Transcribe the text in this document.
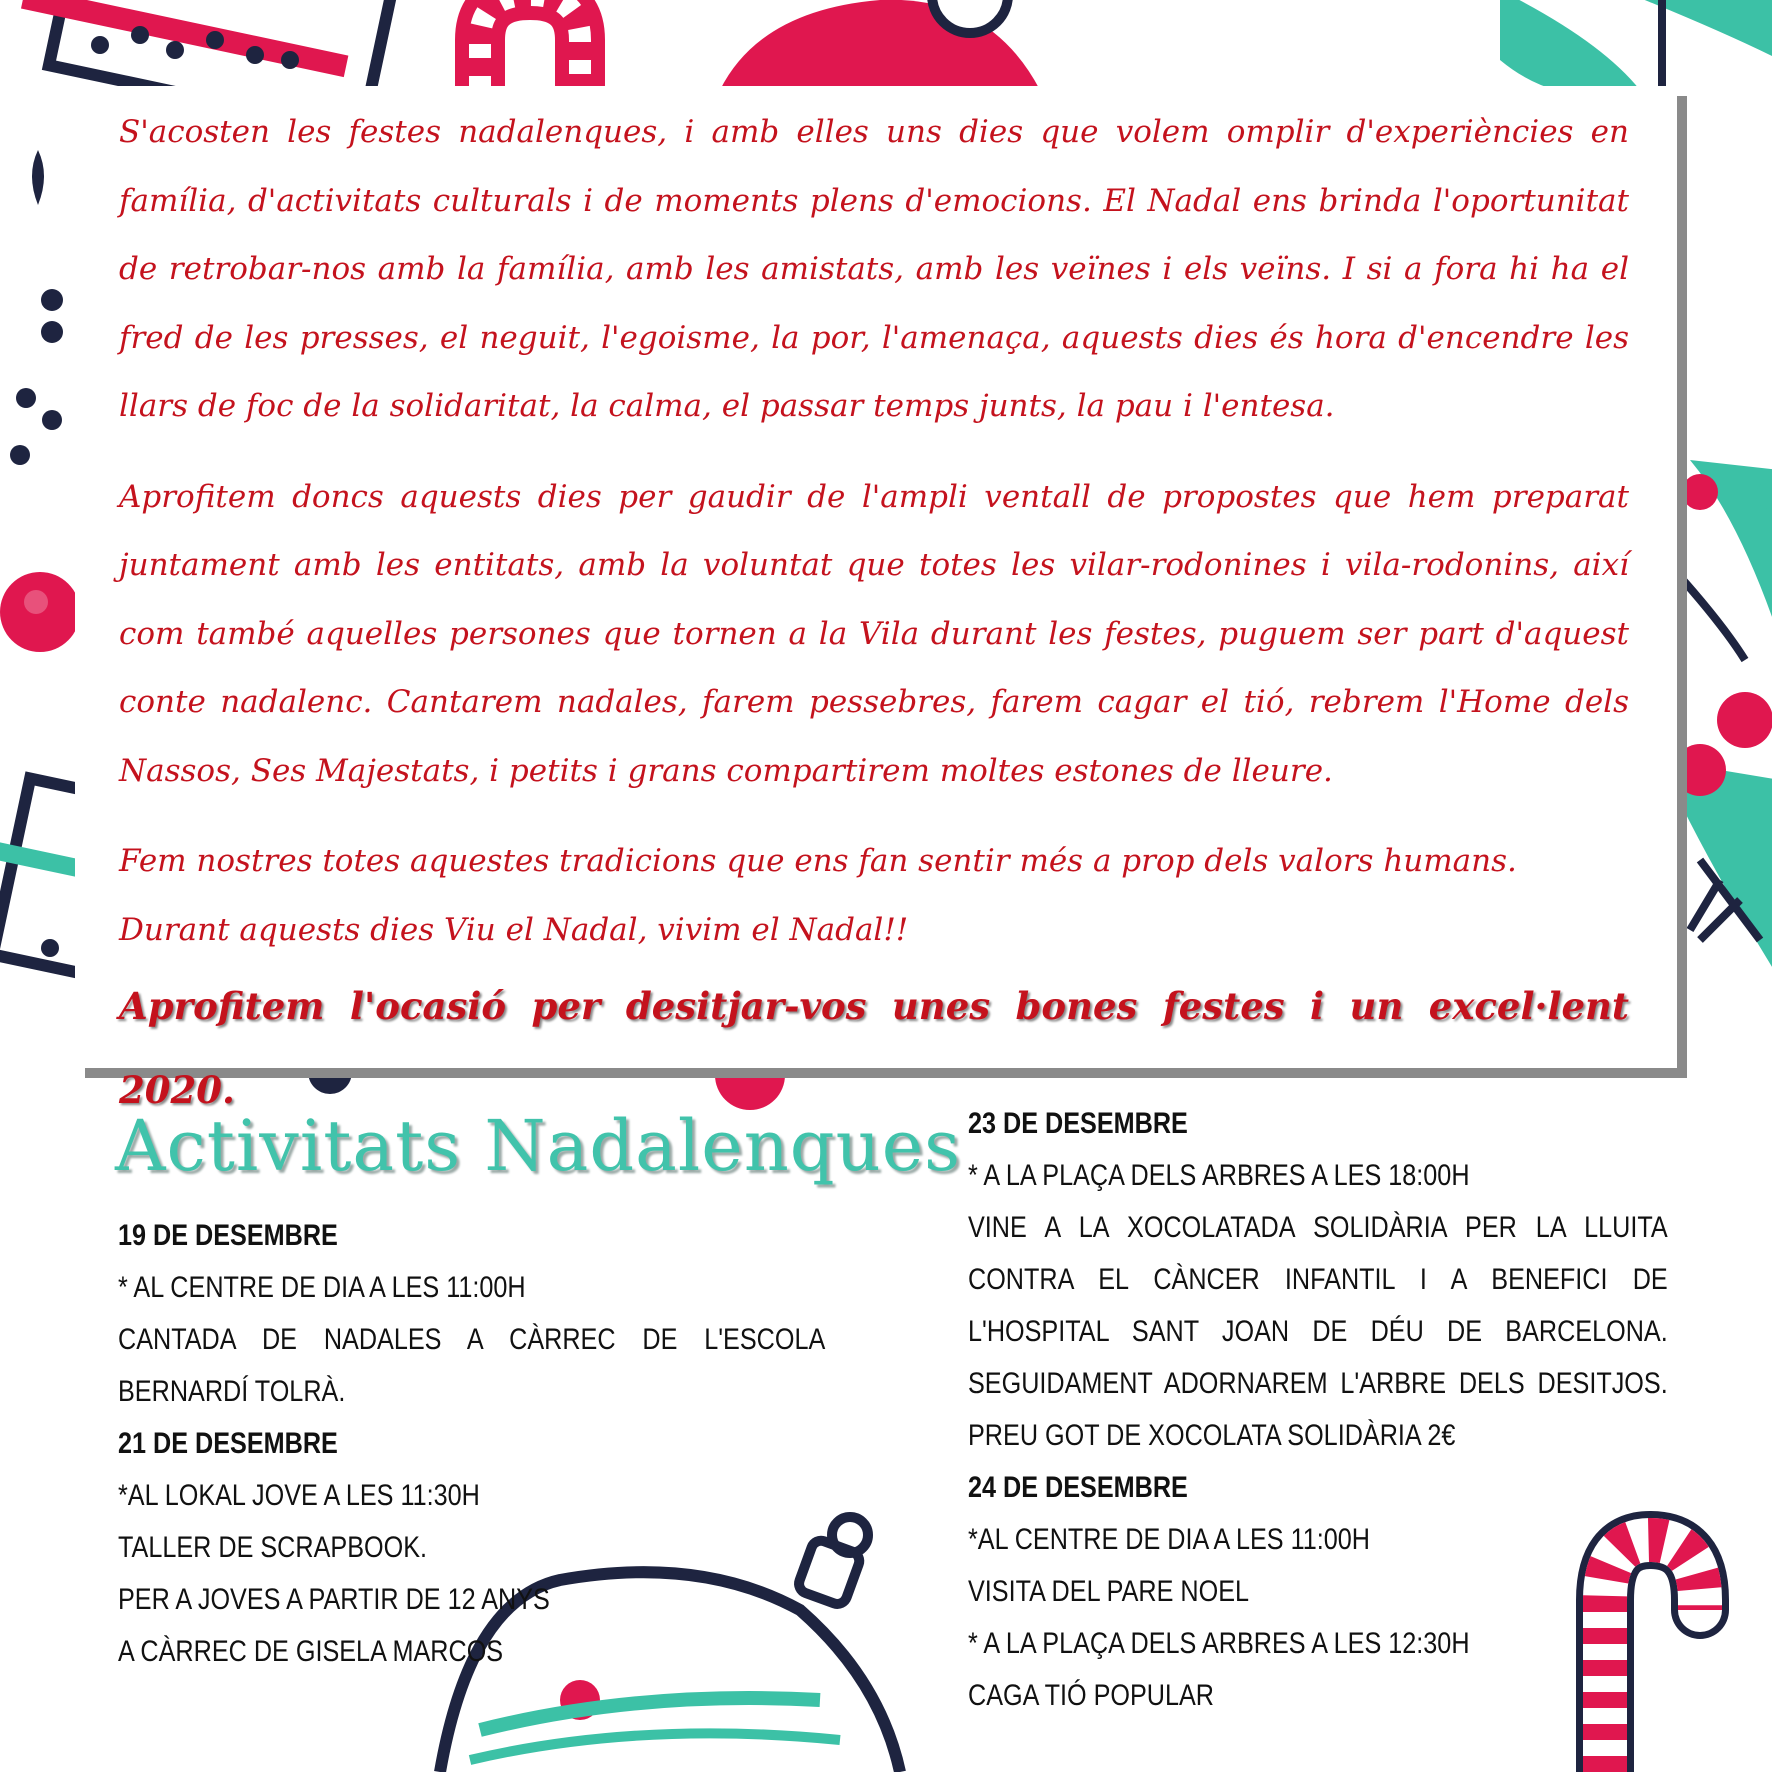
S'acosten les festes nadalenques, i amb elles uns dies que volem omplir d'experiències en família, d'activitats culturals i de moments plens d'emocions. El Nadal ens brinda l'oportunitat de retrobar-nos amb la família, amb les amistats, amb les veïnes i els veïns. I si a fora hi ha el fred de les presses, el neguit, l'egoisme, la por, l'amenaça, aquests dies és hora d'encendre les llars de foc de la solidaritat, la calma, el passar temps junts, la pau i l'entesa.

Aprofitem doncs aquests dies per gaudir de l'ampli ventall de propostes que hem preparat juntament amb les entitats, amb la voluntat que totes les vilar-rodonines i vila-rodonins, així com també aquelles persones que tornen a la Vila durant les festes, puguem ser part d'aquest conte nadalenc. Cantarem nadales, farem pessebres, farem cagar el tió, rebrem l'Home dels Nassos, Ses Majestats, i petits i grans compartirem moltes estones de lleure.

Fem nostres totes aquestes tradicions que ens fan sentir més a prop dels valors humans.

Durant aquests dies Viu el Nadal, vivim el Nadal!!

Aprofitem l'ocasió per desitjar-vos unes bones festes i un excel·lent 2020.

Activitats Nadalenques

19 DE DESEMBRE

* AL CENTRE DE DIA A LES 11:00H

CANTADA DE NADALES A CÀRREC DE L'ESCOLA BERNARDÍ TOLRÀ.

21 DE DESEMBRE

*AL LOKAL JOVE A LES 11:30H

TALLER DE SCRAPBOOK.

PER A JOVES A PARTIR DE 12 ANYS

A CÀRREC DE GISELA MARCOS

23 DE DESEMBRE

* A LA PLAÇA DELS ARBRES A LES 18:00H

VINE A LA XOCOLATADA SOLIDÀRIA PER LA LLUITA CONTRA EL CÀNCER INFANTIL I A BENEFICI DE L'HOSPITAL SANT JOAN DE DÉU DE BARCELONA. SEGUIDAMENT ADORNAREM L'ARBRE DELS DESITJOS. PREU GOT DE XOCOLATA SOLIDÀRIA 2€

24 DE DESEMBRE

*AL CENTRE DE DIA A LES 11:00H

VISITA DEL PARE NOEL

* A LA PLAÇA DELS ARBRES A LES 12:30H

CAGA TIÓ POPULAR
